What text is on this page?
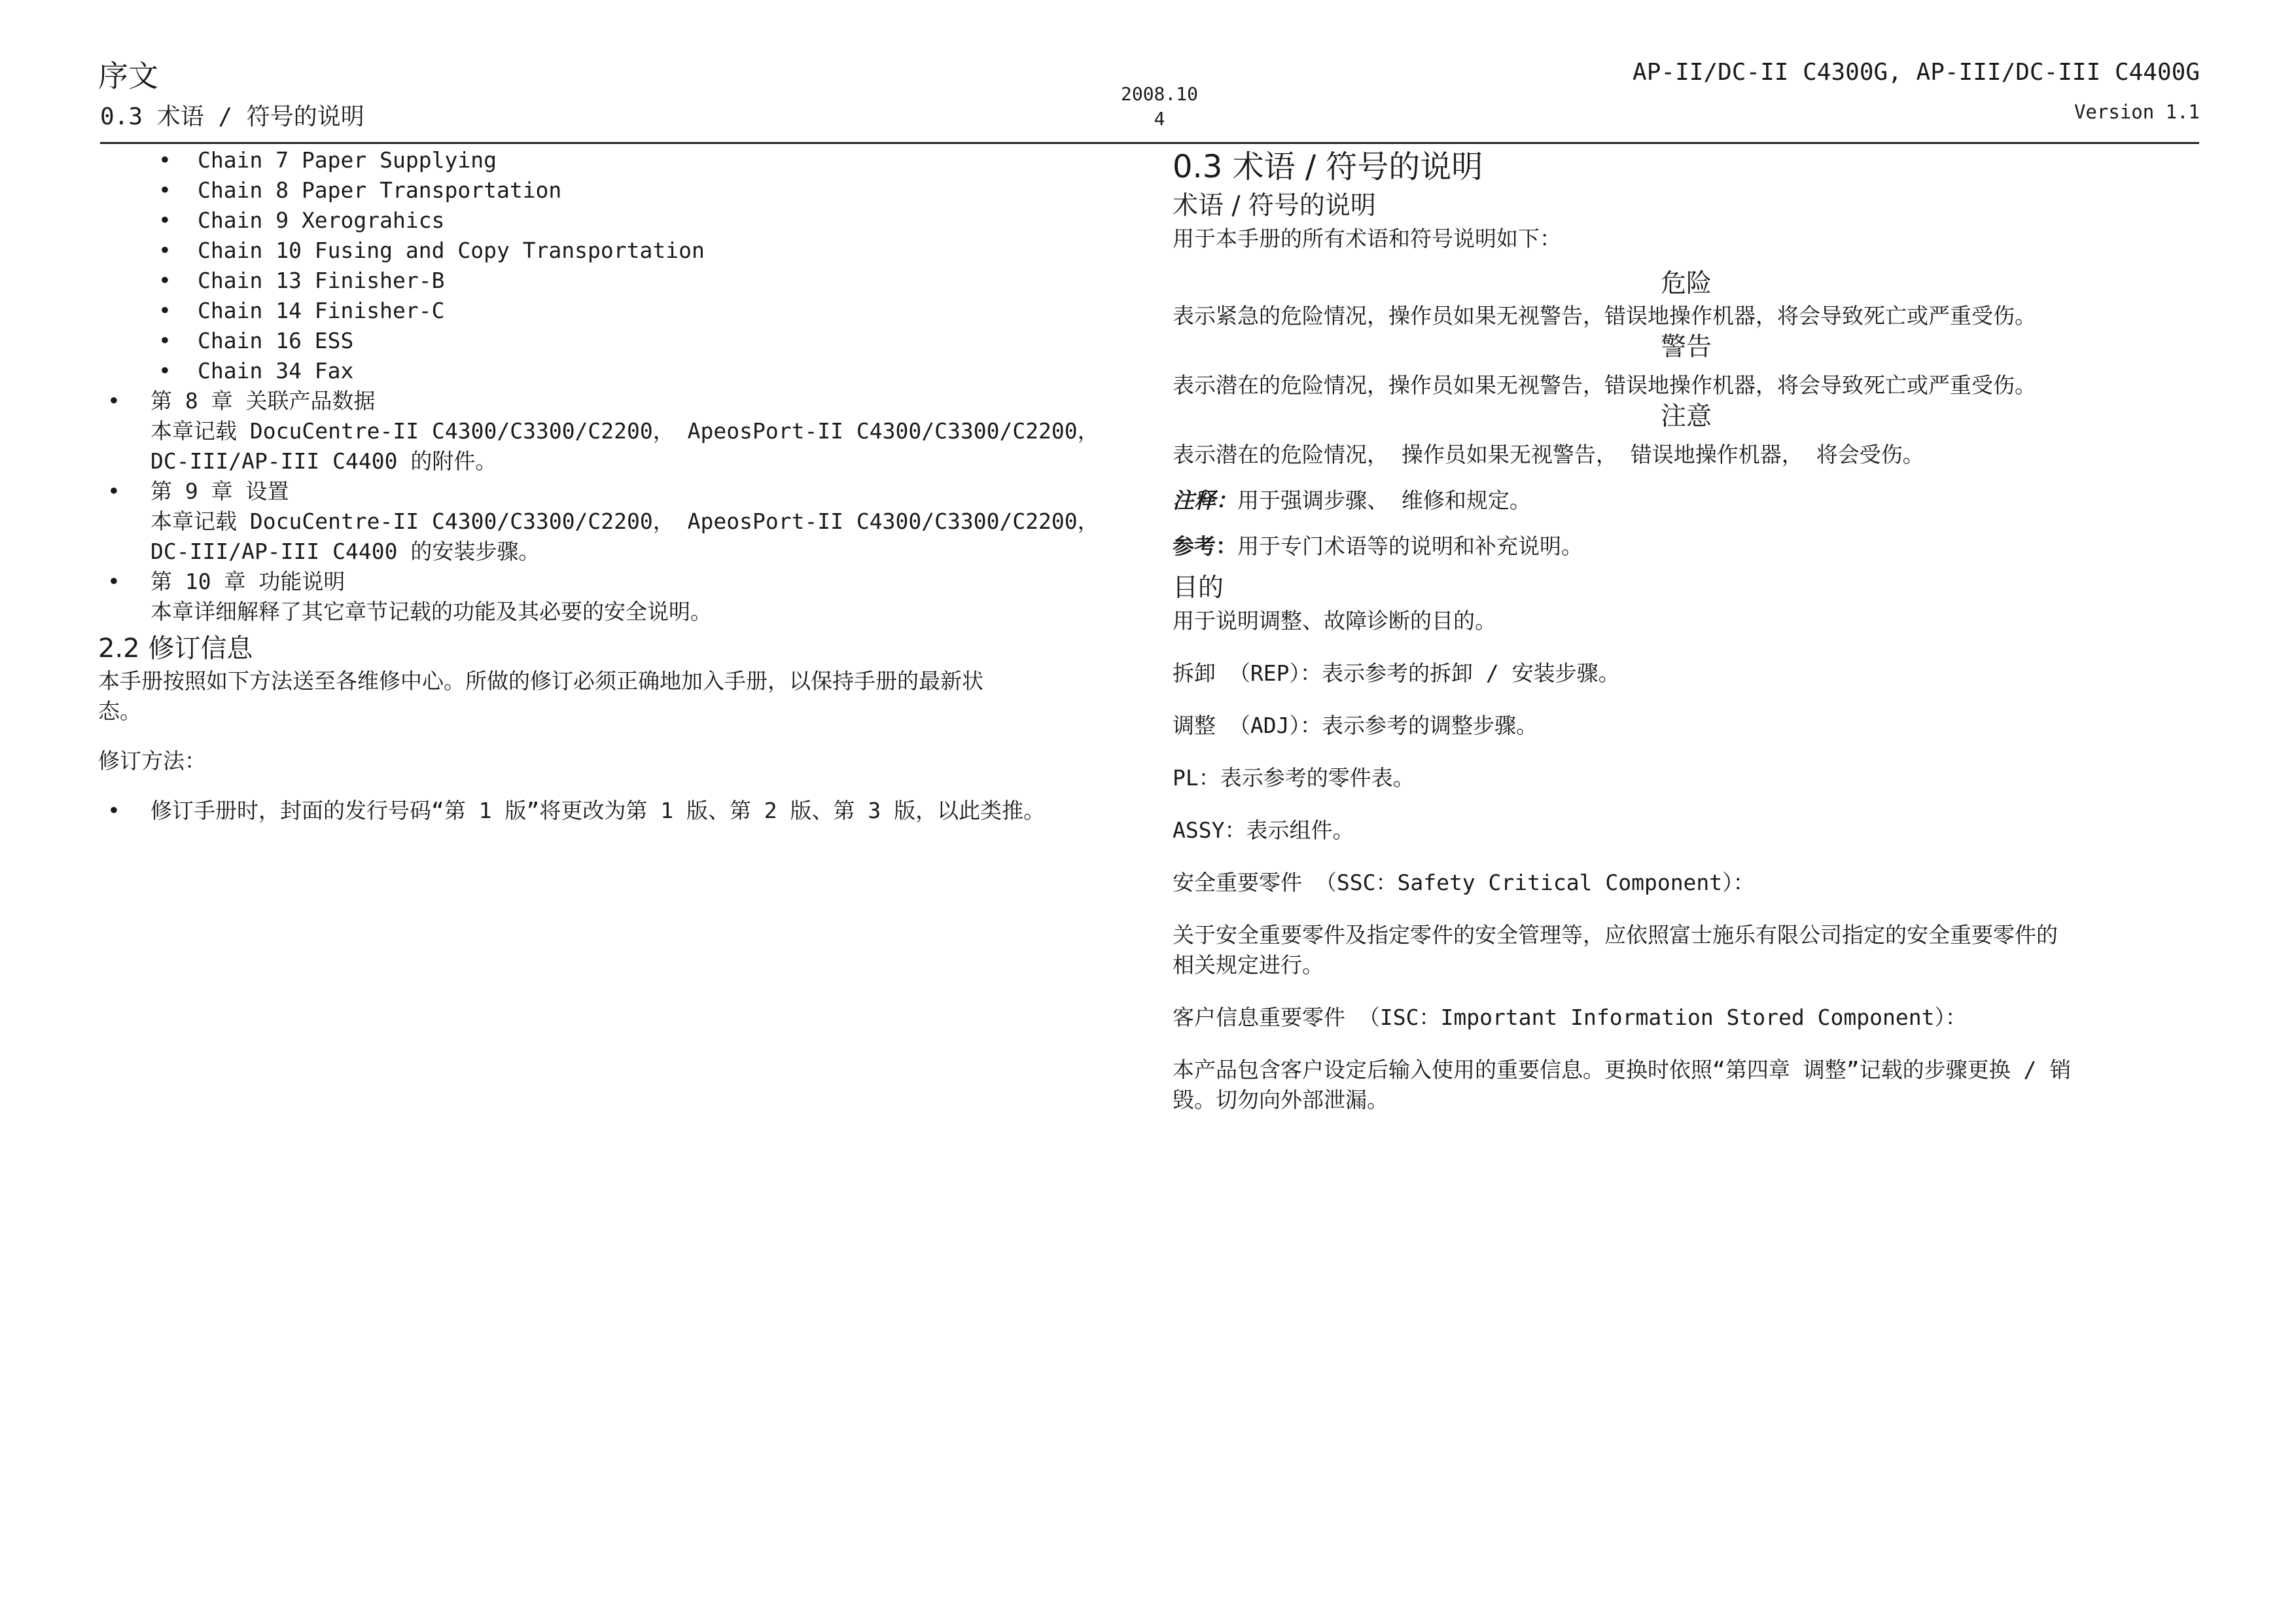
序文
0.3 术语 / 符号的说明
2008.10
4
AP-II/DC-II C4300G, AP-III/DC-III C4400G
Version 1.1
•	Chain 7 Paper Supplying
•	Chain 8 Paper Transportation
•	Chain 9 Xerograhics
•	Chain 10 Fusing and Copy Transportation
•	Chain 13 Finisher-B
•	Chain 14 Finisher-C
•	Chain 16 ESS
•	Chain 34 Fax
•	第 8 章 关联产品数据
本章记载 DocuCentre-II C4300/C3300/C2200， ApeosPort-II C4300/C3300/C2200，
DC-III/AP-III C4400 的附件。
•	第 9 章 设置
本章记载 DocuCentre-II C4300/C3300/C2200， ApeosPort-II C4300/C3300/C2200，
DC-III/AP-III C4400 的安装步骤。
•	第 10 章 功能说明
本章详细解释了其它章节记载的功能及其必要的安全说明。
2.2 修订信息
本手册按照如下方法送至各维修中心。所做的修订必须正确地加入手册，以保持手册的最新状
态。
修订方法：
•	修订手册时，封面的发行号码“第 1 版”将更改为第 1 版、第 2 版、第 3 版，以此类推。
0.3 术语 / 符号的说明
术语 / 符号的说明
用于本手册的所有术语和符号说明如下：
危险
表示紧急的危险情况，操作员如果无视警告，错误地操作机器，将会导致死亡或严重受伤。
警告
表示潜在的危险情况，操作员如果无视警告，错误地操作机器，将会导致死亡或严重受伤。
注意
表示潜在的危险情况， 操作员如果无视警告， 错误地操作机器， 将会受伤。
注释：用于强调步骤、 维修和规定。
参考：用于专门术语等的说明和补充说明。
目的
用于说明调整、故障诊断的目的。
拆卸 （REP）：表示参考的拆卸 / 安装步骤。
调整 （ADJ）：表示参考的调整步骤。
PL：表示参考的零件表。
ASSY：表示组件。
安全重要零件 （SSC：Safety Critical Component）：
关于安全重要零件及指定零件的安全管理等，应依照富士施乐有限公司指定的安全重要零件的
相关规定进行。
客户信息重要零件 （ISC：Important Information Stored Component）：
本产品包含客户设定后输入使用的重要信息。更换时依照“第四章 调整”记载的步骤更换 / 销
毁。切勿向外部泄漏。
